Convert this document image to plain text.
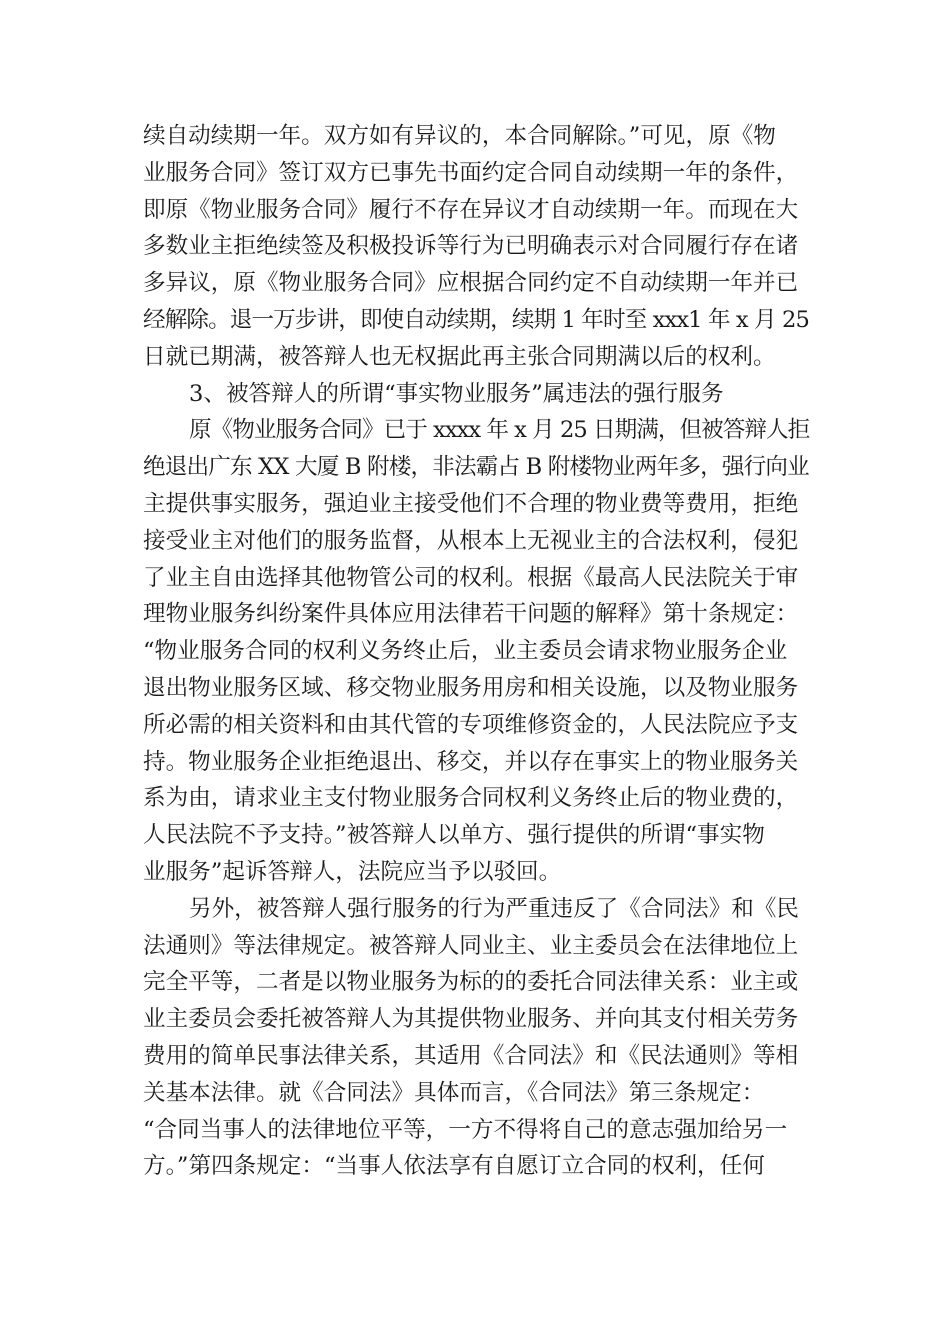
续自动续期一年。双方如有异议的，本合同解除。”可见，原《物
业服务合同》签订双方已事先书面约定合同自动续期一年的条件，
即原《物业服务合同》履行不存在异议才自动续期一年。而现在大
多数业主拒绝续签及积极投诉等行为已明确表示对合同履行存在诸
多异议，原《物业服务合同》应根据合同约定不自动续期一年并已
经解除。退一万步讲，即使自动续期，续期 1 年时至 xxx1 年 x 月 25
日就已期满，被答辩人也无权据此再主张合同期满以后的权利。
3、被答辩人的所谓“事实物业服务”属违法的强行服务
原《物业服务合同》已于 xxxx 年 x 月 25 日期满，但被答辩人拒
绝退出广东 XX 大厦 B 附楼，非法霸占 B 附楼物业两年多，强行向业
主提供事实服务，强迫业主接受他们不合理的物业费等费用，拒绝
接受业主对他们的服务监督，从根本上无视业主的合法权利，侵犯
了业主自由选择其他物管公司的权利。根据《最高人民法院关于审
理物业服务纠纷案件具体应用法律若干问题的解释》第十条规定：
“物业服务合同的权利义务终止后，业主委员会请求物业服务企业
退出物业服务区域、移交物业服务用房和相关设施，以及物业服务
所必需的相关资料和由其代管的专项维修资金的，人民法院应予支
持。物业服务企业拒绝退出、移交，并以存在事实上的物业服务关
系为由，请求业主支付物业服务合同权利义务终止后的物业费的，
人民法院不予支持。”被答辩人以单方、强行提供的所谓“事实物
业服务”起诉答辩人，法院应当予以驳回。
另外，被答辩人强行服务的行为严重违反了《合同法》和《民
法通则》等法律规定。被答辩人同业主、业主委员会在法律地位上
完全平等，二者是以物业服务为标的的委托合同法律关系：业主或
业主委员会委托被答辩人为其提供物业服务、并向其支付相关劳务
费用的简单民事法律关系，其适用《合同法》和《民法通则》等相
关基本法律。就《合同法》具体而言，《合同法》第三条规定：
“合同当事人的法律地位平等，一方不得将自己的意志强加给另一
方。”第四条规定：“当事人依法享有自愿订立合同的权利，任何
